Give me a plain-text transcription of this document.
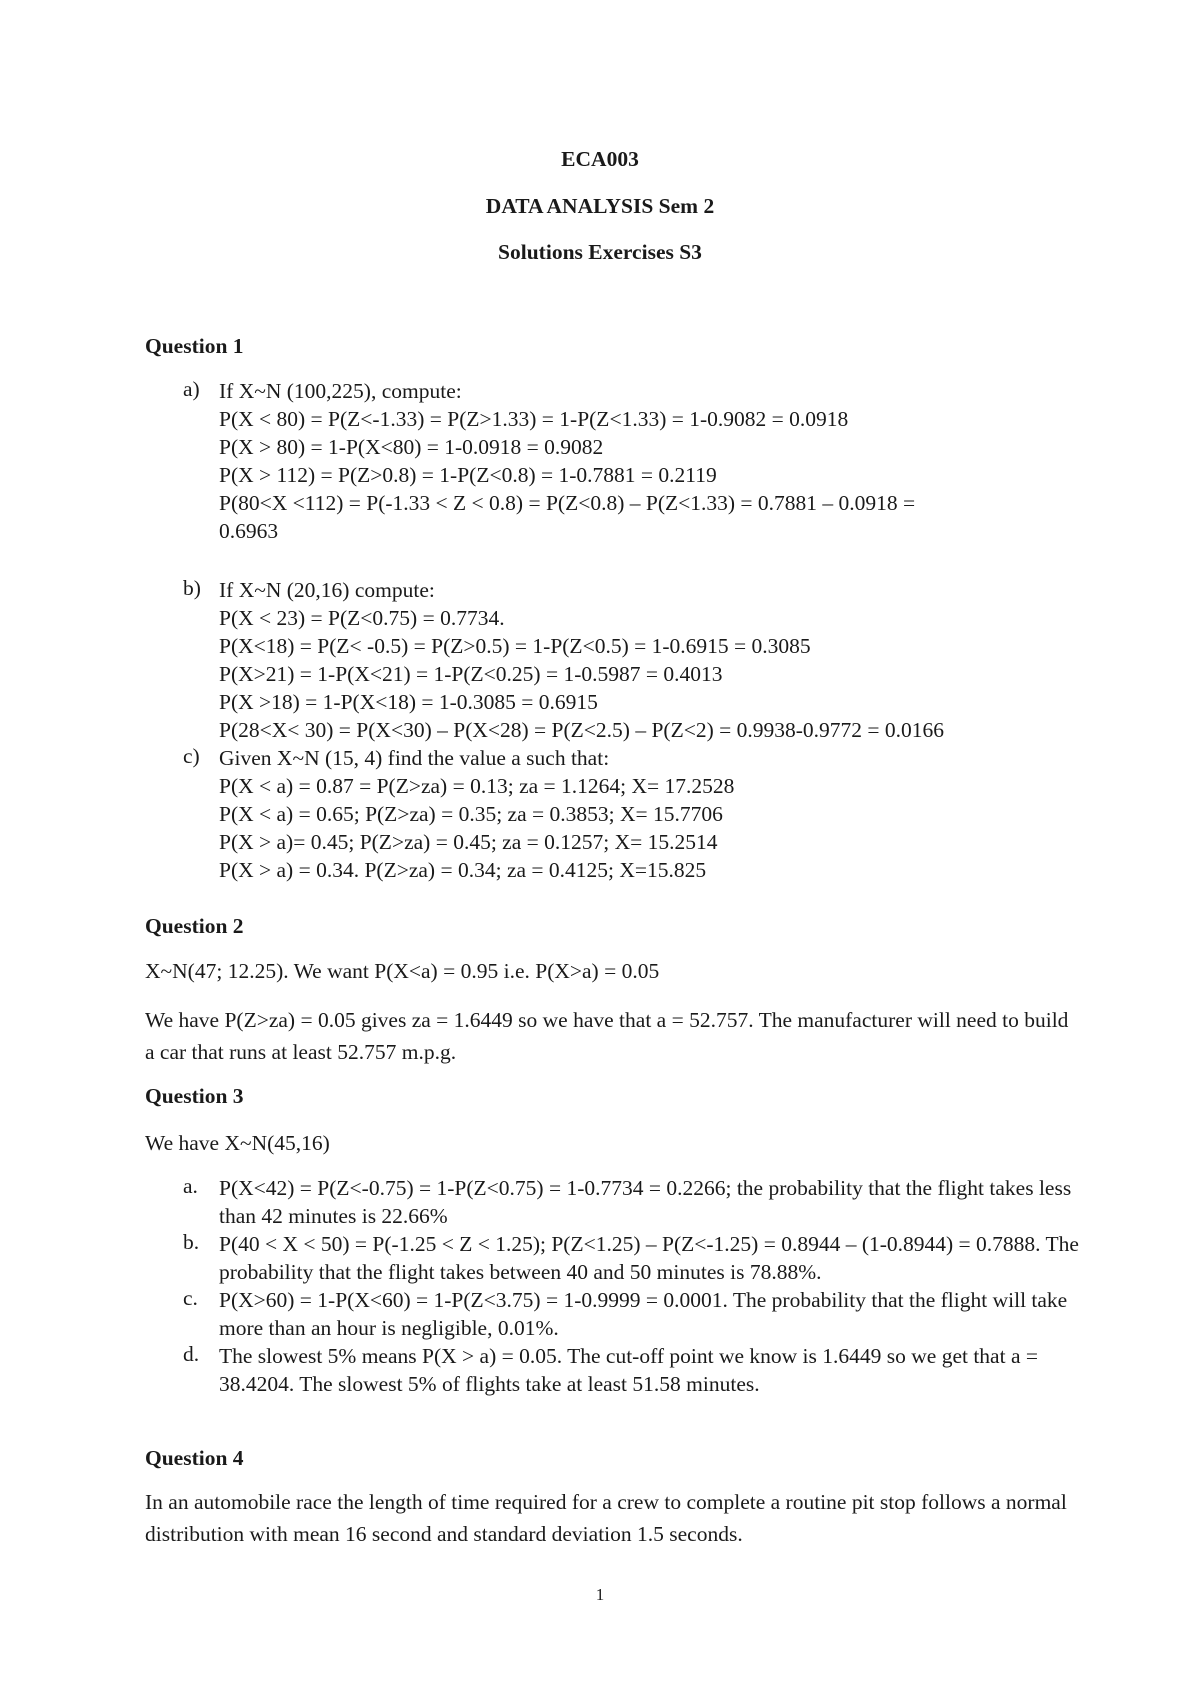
ECA003
DATA ANALYSIS Sem 2
Solutions Exercises S3
Question 1
a) If X~N (100,225), compute:
P(X < 80) = P(Z<-1.33) = P(Z>1.33) = 1-P(Z<1.33) = 1-0.9082 = 0.0918
P(X > 80) = 1-P(X<80) = 1-0.0918 = 0.9082
P(X > 112) = P(Z>0.8) = 1-P(Z<0.8) = 1-0.7881 = 0.2119
P(80<X <112) = P(-1.33 < Z < 0.8) = P(Z<0.8) – P(Z<1.33) = 0.7881 – 0.0918 =
0.6963
b) If X~N (20,16) compute:
P(X < 23) = P(Z<0.75) = 0.7734.
P(X<18) = P(Z< -0.5) = P(Z>0.5) = 1-P(Z<0.5) = 1-0.6915 = 0.3085
P(X>21) = 1-P(X<21) = 1-P(Z<0.25) = 1-0.5987 = 0.4013
P(X >18) = 1-P(X<18) = 1-0.3085 = 0.6915
P(28<X< 30) = P(X<30) – P(X<28) = P(Z<2.5) – P(Z<2) = 0.9938-0.9772 = 0.0166
c) Given X~N (15, 4) find the value a such that:
P(X < a) = 0.87 = P(Z>za) = 0.13; za = 1.1264; X= 17.2528
P(X < a) = 0.65; P(Z>za) = 0.35; za = 0.3853; X= 15.7706
P(X > a)= 0.45; P(Z>za) = 0.45; za = 0.1257; X= 15.2514
P(X > a) = 0.34. P(Z>za) = 0.34; za = 0.4125; X=15.825
Question 2
X~N(47; 12.25). We want P(X<a) = 0.95 i.e. P(X>a) = 0.05
We have P(Z>za) = 0.05 gives za = 1.6449 so we have that a = 52.757. The manufacturer will need to build a car that runs at least 52.757 m.p.g.
Question 3
We have X~N(45,16)
a. P(X<42) = P(Z<-0.75) = 1-P(Z<0.75) = 1-0.7734 = 0.2266; the probability that the flight takes less than 42 minutes is 22.66%
b. P(40 < X < 50) = P(-1.25 < Z < 1.25); P(Z<1.25) – P(Z<-1.25) = 0.8944 – (1-0.8944) = 0.7888. The probability that the flight takes between 40 and 50 minutes is 78.88%.
c. P(X>60) = 1-P(X<60) = 1-P(Z<3.75) = 1-0.9999 = 0.0001. The probability that the flight will take more than an hour is negligible, 0.01%.
d. The slowest 5% means P(X > a) = 0.05. The cut-off point we know is 1.6449 so we get that a = 38.4204. The slowest 5% of flights take at least 51.58 minutes.
Question 4
In an automobile race the length of time required for a crew to complete a routine pit stop follows a normal distribution with mean 16 second and standard deviation 1.5 seconds.
1
